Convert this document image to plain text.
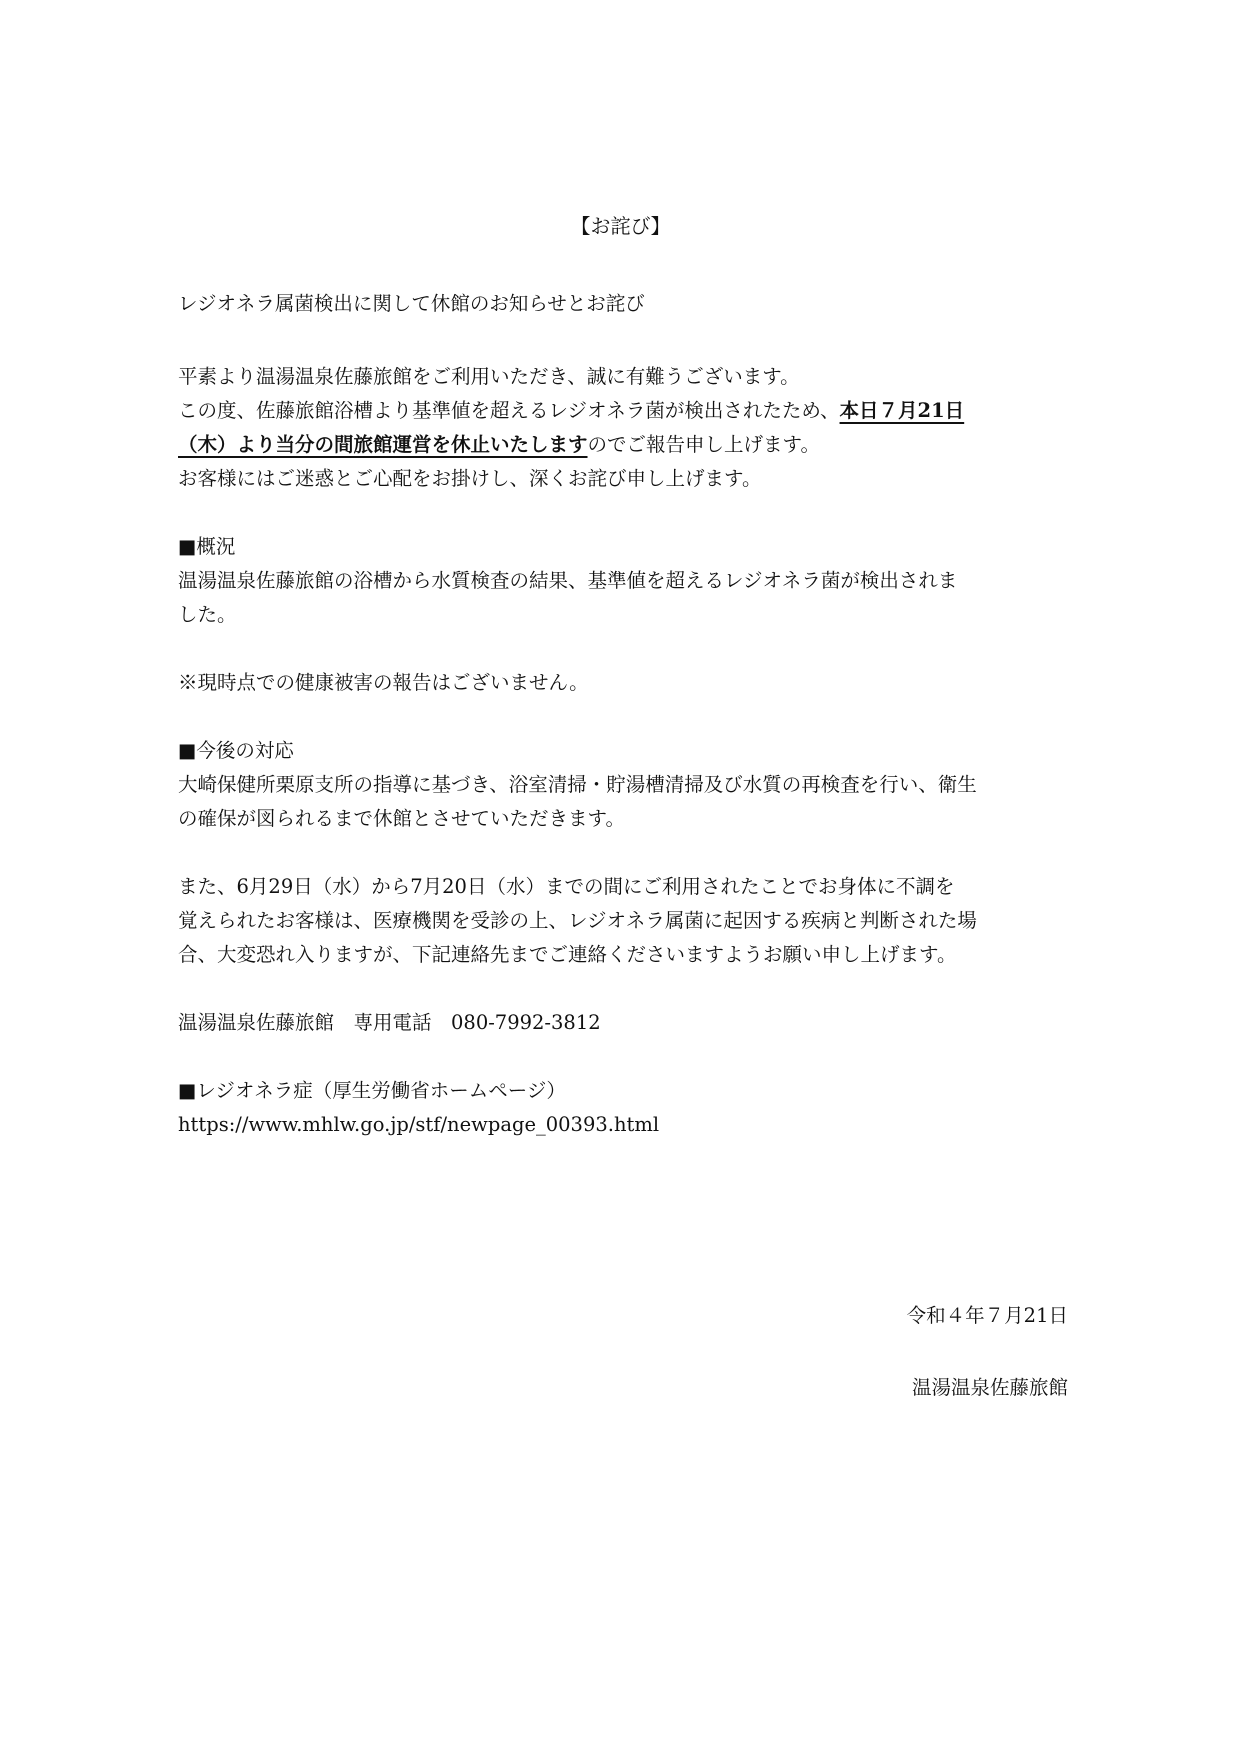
【お詫び】
レジオネラ属菌検出に関して休館のお知らせとお詫び
平素より温湯温泉佐藤旅館をご利用いただき、誠に有難うございます。
この度、佐藤旅館浴槽より基準値を超えるレジオネラ菌が検出されたため、本日７月21日
（木）より当分の間旅館運営を休止いたしますのでご報告申し上げます。
お客様にはご迷惑とご心配をお掛けし、深くお詫び申し上げます。
■概況
温湯温泉佐藤旅館の浴槽から水質検査の結果、基準値を超えるレジオネラ菌が検出されま
した。
※現時点での健康被害の報告はございません。
■今後の対応
大崎保健所栗原支所の指導に基づき、浴室清掃・貯湯槽清掃及び水質の再検査を行い、衛生
の確保が図られるまで休館とさせていただきます。
また、6月29日（水）から7月20日（水）までの間にご利用されたことでお身体に不調を
覚えられたお客様は、医療機関を受診の上、レジオネラ属菌に起因する疾病と判断された場
合、大変恐れ入りますが、下記連絡先までご連絡くださいますようお願い申し上げます。
温湯温泉佐藤旅館　専用電話　080‐7992‐3812
■レジオネラ症（厚生労働省ホームページ）
https://www.mhlw.go.jp/stf/newpage_00393.html
令和４年７月21日
温湯温泉佐藤旅館
